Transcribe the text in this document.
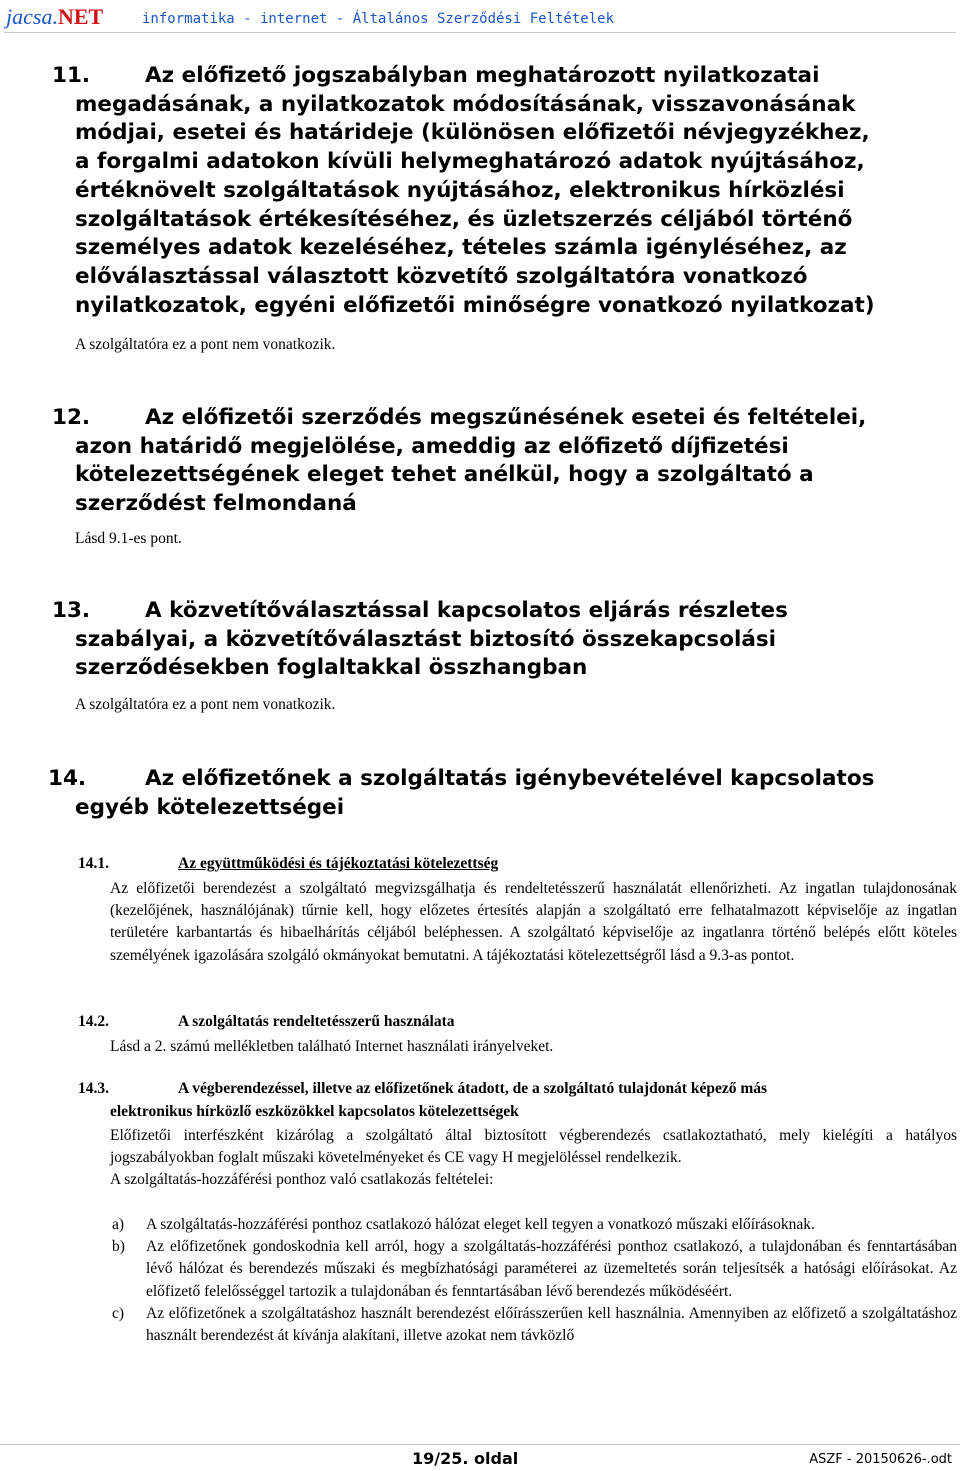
jacsa.NET	informatika - internet - Általános Szerződési Feltételek
11.	Az előfizető jogszabályban meghatározott nyilatkozatai

megadásának, a nyilatkozatok módosításának, visszavonásának

módjai, esetei és határideje (különösen előfizetői névjegyzékhez,

a forgalmi adatokon kívüli helymeghatározó adatok nyújtásához,

értéknövelt szolgáltatások nyújtásához, elektronikus hírközlési

szolgáltatások értékesítéséhez, és üzletszerzés céljából történő

személyes adatok kezeléséhez, tételes számla igényléséhez, az

előválasztással választott közvetítő szolgáltatóra vonatkozó

nyilatkozatok, egyéni előfizetői minőségre vonatkozó nyilatkozat)

A szolgáltatóra ez a pont nem vonatkozik.
12.	Az előfizetői szerződés megszűnésének esetei és feltételei,

azon határidő megjelölése, ameddig az előfizető díjfizetési

kötelezettségének eleget tehet anélkül, hogy a szolgáltató a

szerződést felmondaná

Lásd 9.1-es pont.
13.	A közvetítőválasztással kapcsolatos eljárás részletes

szabályai, a közvetítőválasztást biztosító összekapcsolási

szerződésekben foglaltakkal összhangban

A szolgáltatóra ez a pont nem vonatkozik.
14.	Az előfizetőnek a szolgáltatás igénybevételével kapcsolatos

egyéb kötelezettségei

14.1.	Az együttműködési és tájékoztatási kötelezettség

Az előfizetői berendezést a szolgáltató megvizsgálhatja és rendeltetésszerű használatát ellenőrizheti. Az ingatlan tulajdonosának (kezelőjének, használójának) tűrnie kell, hogy előzetes értesítés alapján a szolgáltató erre felhatalmazott képviselője az ingatlan területére karbantartás és hibaelhárítás céljából beléphessen. A szolgáltató képviselője az ingatlanra történő belépés előtt köteles személyének igazolására szolgáló okmányokat bemutatni. A tájékoztatási kötelezettségről lásd a 9.3-as pontot.

14.2.	A szolgáltatás rendeltetésszerű használata

Lásd a 2. számú mellékletben található Internet használati irányelveket.

14.3.	A végberendezéssel, illetve az előfizetőnek átadott, de a szolgáltató tulajdonát képező más
elektronikus hírközlő eszközökkel kapcsolatos kötelezettségek

Előfizetői interfészként kizárólag a szolgáltató által biztosított végberendezés csatlakoztatható, mely kielégíti a hatályos jogszabályokban foglalt műszaki követelményeket és CE vagy H megjelöléssel rendelkezik.

A szolgáltatás-hozzáférési ponthoz való csatlakozás feltételei:

a) A szolgáltatás-hozzáférési ponthoz csatlakozó hálózat eleget kell tegyen a vonatkozó műszaki előírásoknak.
b) Az előfizetőnek gondoskodnia kell arról, hogy a szolgáltatás-hozzáférési ponthoz csatlakozó, a tulajdonában és fenntartásában lévő hálózat és berendezés műszaki és megbízhatósági paraméterei az üzemeltetés során teljesítsék a hatósági előírásokat. Az előfizető felelősséggel tartozik a tulajdonában és fenntartásában lévő berendezés működéséért.
c) Az előfizetőnek a szolgáltatáshoz használt berendezést előírásszerűen kell használnia. Amennyiben az előfizető a szolgáltatáshoz használt berendezést át kívánja alakítani, illetve azokat nem távközlő
19/25. oldal	ASZF - 20150626-.odt
